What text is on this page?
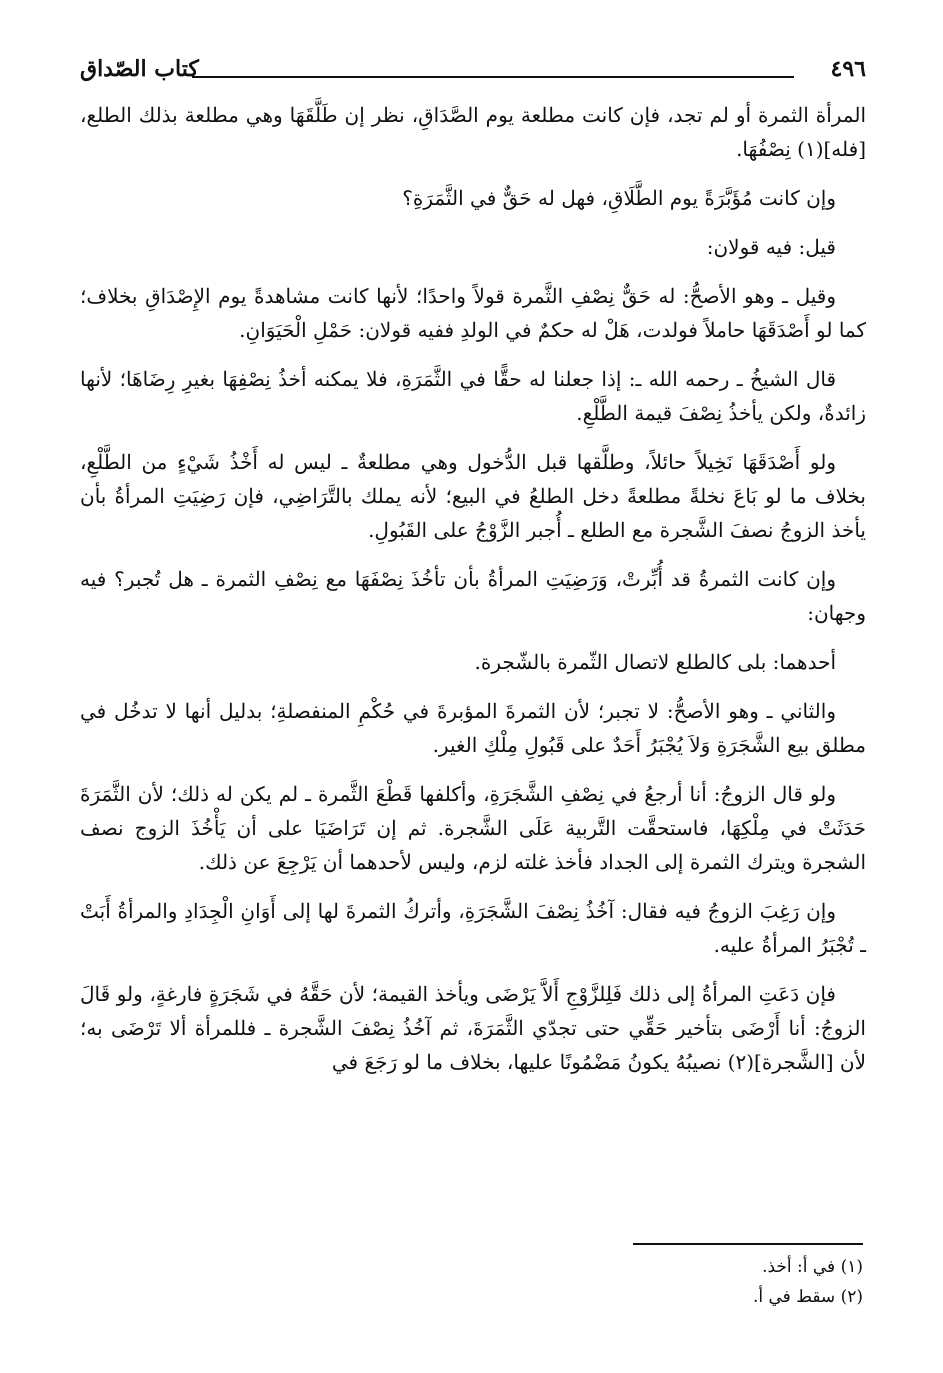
٤٩٦
كتاب الصّداق

المرأة الثمرة أو لم تجد، فإن كانت مطلعة يوم الصَّدَاقِ، نظر إن طَلَّقَهَا وهي مطلعة بذلك الطلع، [فله](١) نِصْفُهَا.

وإن كانت مُؤَبَّرَةً يوم الطَّلَاقِ، فهل له حَقٌّ في الثَّمَرَةِ؟

قيل: فيه قولان:

وقيل ـ وهو الأصحُّ: له حَقٌّ نِصْفِ الثَّمرة قولاً واحدًا؛ لأنها كانت مشاهدةً يوم الإِصْدَاقِ بخلاف؛ كما لو أَصْدَقَهَا حاملاً فولدت، هَلْ له حكمٌ في الولدِ ففيه قولان: حَمْلِ الْحَيَوَانِ.

قال الشيخُ ـ رحمه الله ـ: إذا جعلنا له حقًّا في الثَّمَرَةِ، فلا يمكنه أخذُ نِصْفِهَا بغيرِ رِضَاهَا؛ لأنها زائدةٌ، ولكن يأخذُ نِصْفَ قيمة الطَّلْعِ.

ولو أَصْدَقَهَا نَخِيلاً حائلاً، وطلَّقها قبل الدُّخول وهي مطلعةٌ ـ ليس له أَخْذُ شَيْءٍ من الطَّلْعِ، بخلاف ما لو بَاعَ نخلةً مطلعةً دخل الطلعُ في البيع؛ لأنه يملك بالتَّرَاضِي، فإن رَضِيَتِ المرأةُ بأن يأخذ الزوجُ نصفَ الشَّجرة مع الطلع ـ أُجبر الزَّوْجُ على القَبُولِ.

وإن كانت الثمرةُ قد أُبِّرتْ، وَرَضِيَتِ المرأةُ بأن تأخُذَ نِصْفَهَا مع نِصْفِ الثمرة ـ هل تُجبر؟ فيه وجهان:

أحدهما: بلى كالطلع لاتصال الثّمرة بالشّجرة.

والثاني ـ وهو الأصحُّ: لا تجبر؛ لأن الثمرةَ المؤبرةَ في حُكْمِ المنفصلةِ؛ بدليل أنها لا تدخُل في مطلق بيع الشَّجَرَةِ وَلاَ يُجْبَرُ أَحَدٌ على قَبُولِ مِلْكِ الغير.

ولو قال الزوجُ: أنا أرجعُ في نِصْفِ الشَّجَرَةِ، وأكلفها قَطْعَ الثَّمرة ـ لم يكن له ذلك؛ لأن الثَّمَرَةَ حَدَثَتْ في مِلْكِهَا، فاستحقَّت التَّربية عَلَى الشَّجرة. ثم إن تَرَاضَيَا على أن يَأْخُذَ الزوج نصف الشجرة ويترك الثمرة إلى الجداد فأخذ غلته لزم، وليس لأحدهما أن يَرْجِعَ عن ذلك.

وإن رَغِبَ الزوجُ فيه فقال: آخُذُ نِصْفَ الشَّجَرَةِ، وأتركُ الثمرةَ لها إلى أَوَانِ الْجِدَادِ والمرأةُ أَبَتْ ـ تُجْبَرُ المرأةُ عليه.

فإن دَعَتِ المرأةُ إلى ذلك فَلِلزَّوْجِ أَلاَّ يَرْضَى ويأخذ القيمة؛ لأن حَقَّهُ في شَجَرَةٍ فارغةٍ، ولو قَالَ الزوجُ: أنا أَرْضَى بتأخير حَقِّي حتى تجدّي الثَّمَرَةَ، ثم آخُذُ نِصْفَ الشَّجرة ـ فللمرأة ألا تَرْضَى به؛ لأن [الشَّجرة](٢) نصيبُهُ يكونُ مَضْمُونًا عليها، بخلاف ما لو رَجَعَ في

(١) في أ: أخذ.

(٢) سقط في أ.
